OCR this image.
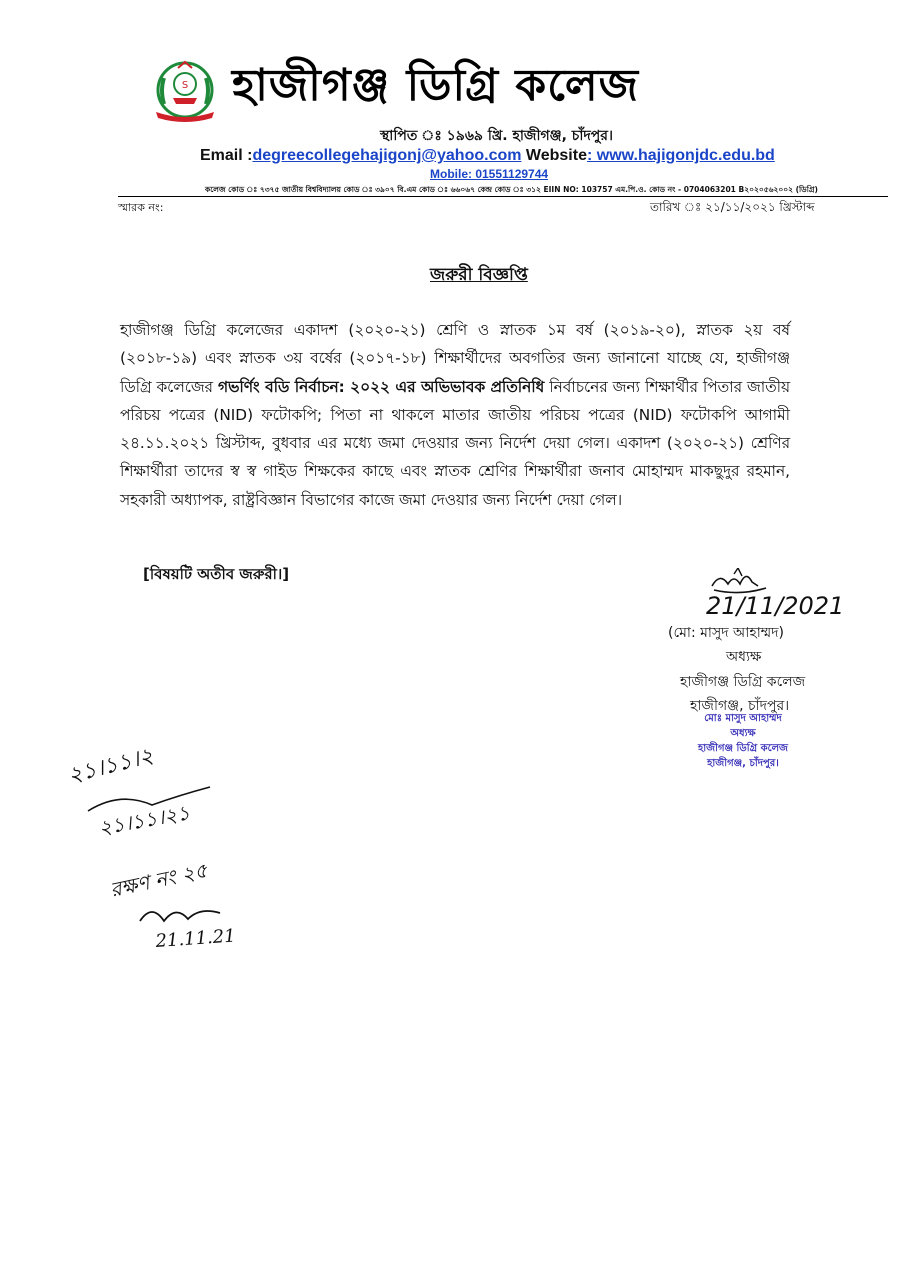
S হাজীগঞ্জ ডিগ্রি কলেজ
স্থাপিত ঃ ১৯৬৯ খ্রি. হাজীগঞ্জ, চাঁদপুর।
Email :degreecollegehajigonj@yahoo.com Website: www.hajigonjdc.edu.bd
Mobile: 01551129744
কলেজ কোড ঃ ৭৩৭৫ জাতীয় বিশ্ববিদ্যালয় কোড ঃ ৩৯০৭ বি.এম কোড ঃ ৬৬০৬৭ কেন্দ্র কোড ঃ ৩১২ EIIN NO: 103757 এম.পি.ও. কোড নং - 0704063201 B২০২০৫৬২০০২ (ডিগ্রি)
স্মারক নং:	তারিখ ঃ ২১/১১/২০২১ খ্রিস্টাব্দ
জরুরী বিজ্ঞপ্তি
হাজীগঞ্জ ডিগ্রি কলেজের একাদশ (২০২০-২১) শ্রেণি ও স্নাতক ১ম বর্ষ (২০১৯-২০), স্নাতক ২য় বর্ষ (২০১৮-১৯) এবং স্নাতক ৩য় বর্ষের (২০১৭-১৮) শিক্ষার্থীদের অবগতির জন্য জানানো যাচ্ছে যে, হাজীগঞ্জ ডিগ্রি কলেজের গভর্ণিং বডি নির্বাচন: ২০২২ এর অভিভাবক প্রতিনিধি নির্বাচনের জন্য শিক্ষার্থীর পিতার জাতীয় পরিচয় পত্রের (NID) ফটোকপি; পিতা না থাকলে মাতার জাতীয় পরিচয় পত্রের (NID) ফটোকপি আগামী ২৪.১১.২০২১ খ্রিস্টাব্দ, বুধবার এর মধ্যে জমা দেওয়ার জন্য নির্দেশ দেয়া গেল। একাদশ (২০২০-২১) শ্রেণির শিক্ষার্থীরা তাদের স্ব স্ব গাইড শিক্ষকের কাছে এবং স্নাতক শ্রেণির শিক্ষার্থীরা জনাব মোহাম্মদ মাকছুদুর রহমান, সহকারী অধ্যাপক, রাষ্ট্রবিজ্ঞান বিভাগের কাজে জমা দেওয়ার জন্য নির্দেশ দেয়া গেল।
[বিষয়টি অতীব জরুরী।]
21/11/2021
(মো: মাসুদ আহাম্মদ)
অধ্যক্ষ
হাজীগঞ্জ ডিগ্রি কলেজ
হাজীগঞ্জ, চাঁদপুর।
মোঃ মাসুদ আহাম্মদ
অধ্যক্ষ
হাজীগঞ্জ ডিগ্রি কলেজ
হাজীগঞ্জ, চাঁদপুর।
২১।১১।২
২১।১১।২১
রক্ষণ নং ২৫
21.11.21
